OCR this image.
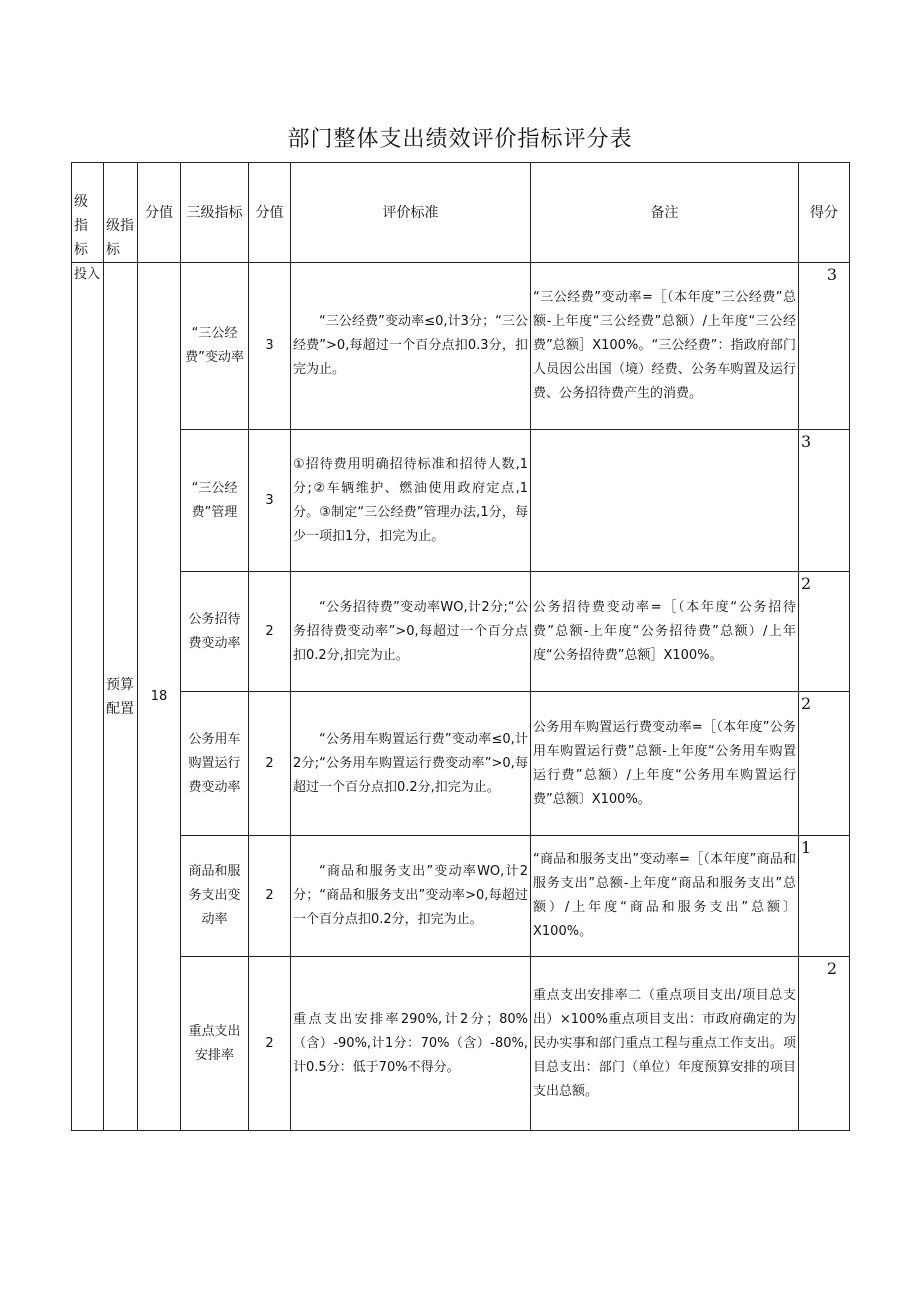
部门整体支出绩效评价指标评分表
级指标	级指标	分值	三级指标	分值	评价标准	备注	得分
投入	预算配置	18	“三公经费”变动率	3	“三公经费”变动率≤0,计3分；“三公经费”>0,每超过一个百分点扣0.3分，扣完为止。	“三公经费”变动率=［（本年度”三公经费”总额-上年度“三公经费”总额）/上年度“三公经费”总额］X100%。“三公经费”：指政府部门人员因公出国（境）经费、公务车购置及运行费、公务招待费产生的消费。	3
			“三公经费”管理	3	①招待费用明确招待标准和招待人数,1分;②车辆维护、燃油使用政府定点,1分。③制定“三公经费”管理办法,1分，每少一项扣1分，扣完为止。		3
			公务招待费变动率	2	“公务招待费”变动率WO,计2分;“公务招待费变动率”>0,每超过一个百分点扣0.2分,扣完为止。	公务招待费变动率=［（本年度“公务招待费”总额-上年度“公务招待费”总额）/上年度“公务招待费”总额］X100%。	2
			公务用车购置运行费变动率	2	“公务用车购置运行费”变动率≤0,计2分;“公务用车购置运行费变动率”>0,每超过一个百分点扣0.2分,扣完为止。	公务用车购置运行费变动率=［（本年度”公务用车购置运行费”总额-上年度“公务用车购置运行费”总额）/上年度“公务用车购置运行费”总额〕X100%。	2
			商品和服务支出变动率	2	“商品和服务支出”变动率WO,计2分；“商品和服务支出”变动率>0,每超过一个百分点扣0.2分，扣完为止。	“商品和服务支出”变动率=［（本年度”商品和服务支出”总额-上年度“商品和服务支出”总额）/上年度“商品和服务支出”总额〕X100%。	1
			重点支出安排率	2	重点支出安排率290%,计2分；80%（含）-90%,计1分：70%（含）-80%,计0.5分：低于70%不得分。	重点支出安排率二（重点项目支出/项目总支出）×100%重点项目支出：市政府确定的为民办实事和部门重点工程与重点工作支出。项目总支出：部门（单位）年度预算安排的项目支出总额。	2
